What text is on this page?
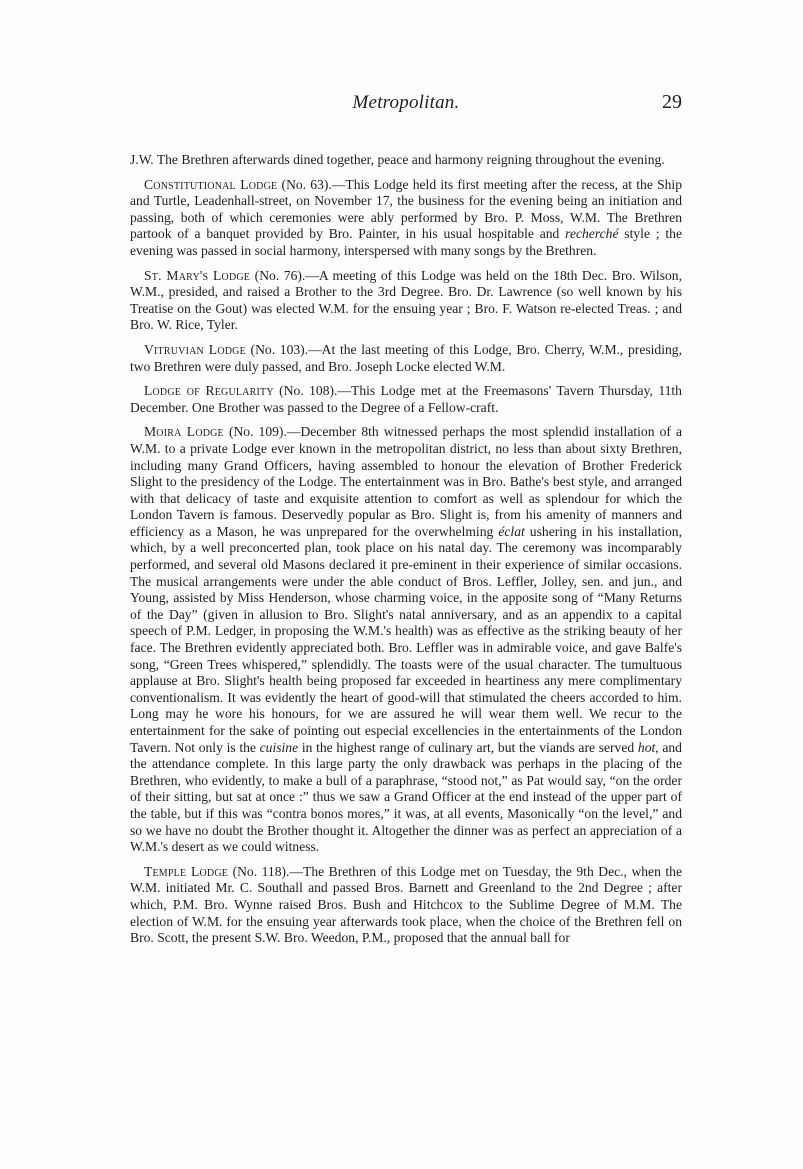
Metropolitan.	29

J.W. The Brethren afterwards dined together, peace and harmony reigning throughout the evening.

Constitutional Lodge (No. 63).—This Lodge held its first meeting after the recess, at the Ship and Turtle, Leadenhall-street, on November 17, the business for the evening being an initiation and passing, both of which ceremonies were ably performed by Bro. P. Moss, W.M. The Brethren partook of a banquet provided by Bro. Painter, in his usual hospitable and recherché style ; the evening was passed in social harmony, interspersed with many songs by the Brethren.

St. Mary's Lodge (No. 76).—A meeting of this Lodge was held on the 18th Dec. Bro. Wilson, W.M., presided, and raised a Brother to the 3rd Degree. Bro. Dr. Lawrence (so well known by his Treatise on the Gout) was elected W.M. for the ensuing year ; Bro. F. Watson re-elected Treas. ; and Bro. W. Rice, Tyler.

Vitruvian Lodge (No. 103).—At the last meeting of this Lodge, Bro. Cherry, W.M., presiding, two Brethren were duly passed, and Bro. Joseph Locke elected W.M.

Lodge of Regularity (No. 108).—This Lodge met at the Freemasons' Tavern Thursday, 11th December. One Brother was passed to the Degree of a Fellow-craft.

Moira Lodge (No. 109).—December 8th witnessed perhaps the most splendid installation of a W.M. to a private Lodge ever known in the metropolitan district, no less than about sixty Brethren, including many Grand Officers, having assembled to honour the elevation of Brother Frederick Slight to the presidency of the Lodge. The entertainment was in Bro. Bathe's best style, and arranged with that delicacy of taste and exquisite attention to comfort as well as splendour for which the London Tavern is famous. Deservedly popular as Bro. Slight is, from his amenity of manners and efficiency as a Mason, he was unprepared for the overwhelming éclat ushering in his installation, which, by a well preconcerted plan, took place on his natal day. The ceremony was incomparably performed, and several old Masons declared it pre-eminent in their experience of similar occasions. The musical arrangements were under the able conduct of Bros. Leffler, Jolley, sen. and jun., and Young, assisted by Miss Henderson, whose charming voice, in the apposite song of “Many Returns of the Day” (given in allusion to Bro. Slight's natal anniversary, and as an appendix to a capital speech of P.M. Ledger, in proposing the W.M.'s health) was as effective as the striking beauty of her face. The Brethren evidently appreciated both. Bro. Leffler was in admirable voice, and gave Balfe's song, “Green Trees whispered,” splendidly. The toasts were of the usual character. The tumultuous applause at Bro. Slight's health being proposed far exceeded in heartiness any mere complimentary conventionalism. It was evidently the heart of good-will that stimulated the cheers accorded to him. Long may he wore his honours, for we are assured he will wear them well. We recur to the entertainment for the sake of pointing out especial excellencies in the entertainments of the London Tavern. Not only is the cuisine in the highest range of culinary art, but the viands are served hot, and the attendance complete. In this large party the only drawback was perhaps in the placing of the Brethren, who evidently, to make a bull of a paraphrase, “stood not,” as Pat would say, “on the order of their sitting, but sat at once :” thus we saw a Grand Officer at the end instead of the upper part of the table, but if this was “contra bonos mores,” it was, at all events, Masonically “on the level,” and so we have no doubt the Brother thought it. Altogether the dinner was as perfect an appreciation of a W.M.'s desert as we could witness.

Temple Lodge (No. 118).—The Brethren of this Lodge met on Tuesday, the 9th Dec., when the W.M. initiated Mr. C. Southall and passed Bros. Barnett and Greenland to the 2nd Degree ; after which, P.M. Bro. Wynne raised Bros. Bush and Hitchcox to the Sublime Degree of M.M. The election of W.M. for the ensuing year afterwards took place, when the choice of the Brethren fell on Bro. Scott, the present S.W. Bro. Weedon, P.M., proposed that the annual ball for
